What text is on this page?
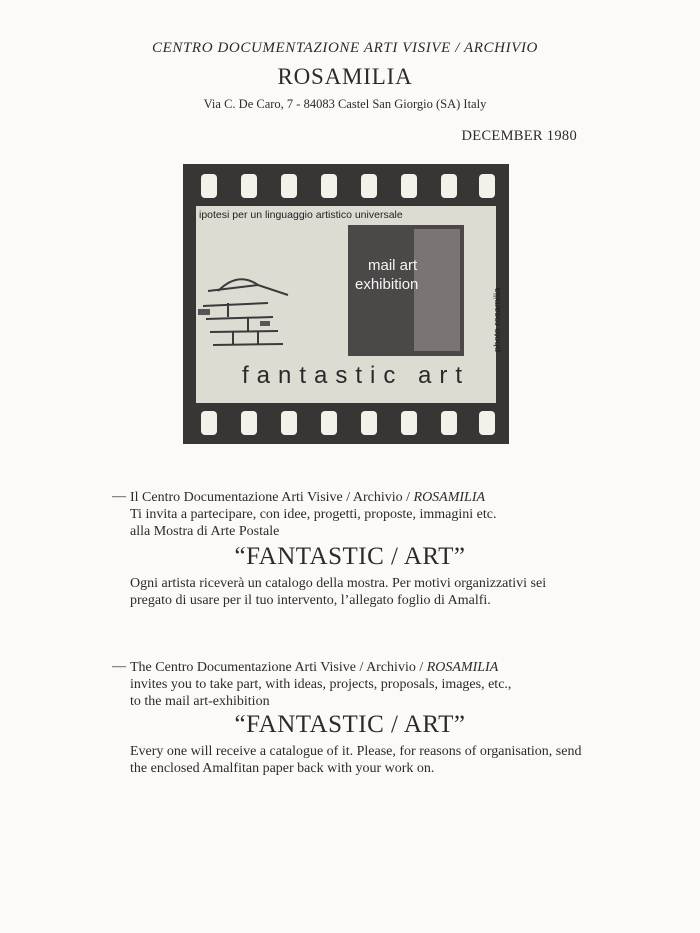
CENTRO DOCUMENTAZIONE ARTI VISIVE / ARCHIVIO
ROSAMILIA
Via C. De Caro, 7 - 84083 Castel San Giorgio (SA) Italy
DECEMBER 1980
ipotesi per un linguaggio artistico universale
mail art
exhibition
photo rosamilia
fantastic art
— Il Centro Documentazione Arti Visive / Archivio / ROSAMILIA
Ti invita a partecipare, con idee, progetti, proposte, immagini etc.
alla Mostra di Arte Postale
“FANTASTIC / ART”
Ogni artista riceverà un catalogo della mostra. Per motivi organizzativi sei pregato di usare per il tuo intervento, l’allegato foglio di Amalfi.
— The Centro Documentazione Arti Visive / Archivio / ROSAMILIA
invites you to take part, with ideas, projects, proposals, images, etc.,
to the mail art-exhibition
“FANTASTIC / ART”
Every one will receive a catalogue of it. Please, for reasons of organisation, send the enclosed Amalfitan paper back with your work on.
